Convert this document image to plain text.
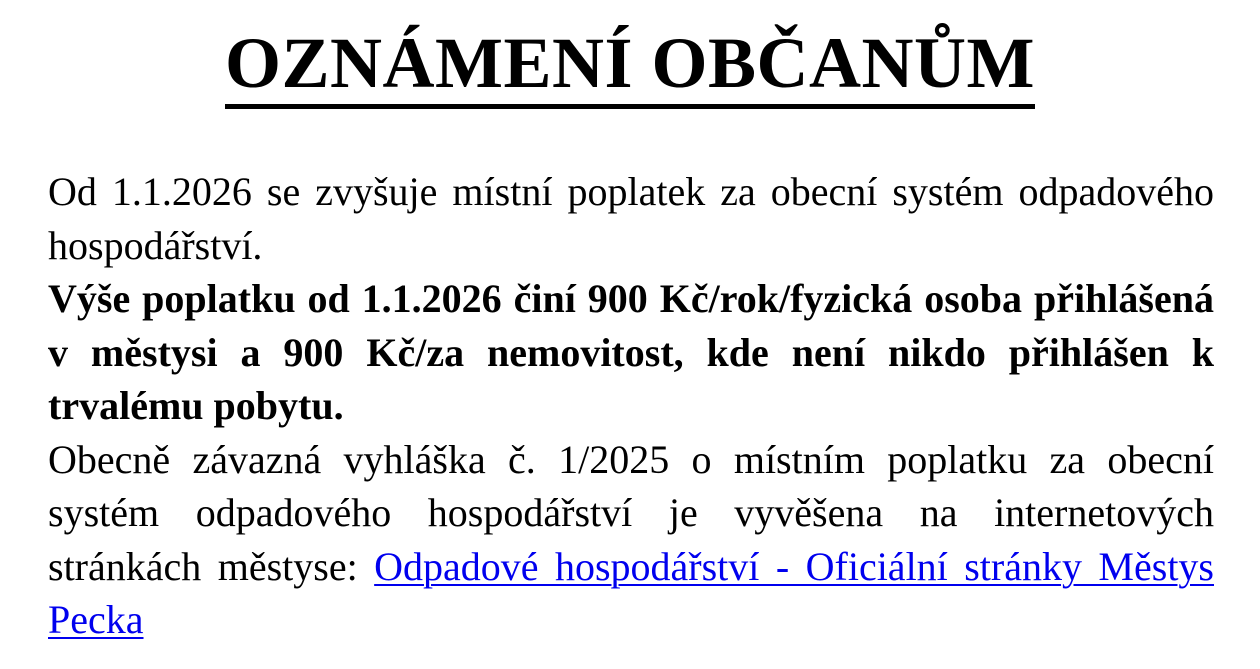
OZNÁMENÍ OBČANŮM

Od 1.1.2026 se zvyšuje místní poplatek za obecní systém odpadového hospodářství.

Výše poplatku od 1.1.2026 činí 900 Kč/rok/fyzická osoba přihlášená v městysi a 900 Kč/za nemovitost, kde není nikdo přihlášen k trvalému pobytu.

Obecně závazná vyhláška č. 1/2025 o místním poplatku za obecní systém odpadového hospodářství je vyvěšena na internetových stránkách městyse: Odpadové hospodářství - Oficiální stránky Městys Pecka
